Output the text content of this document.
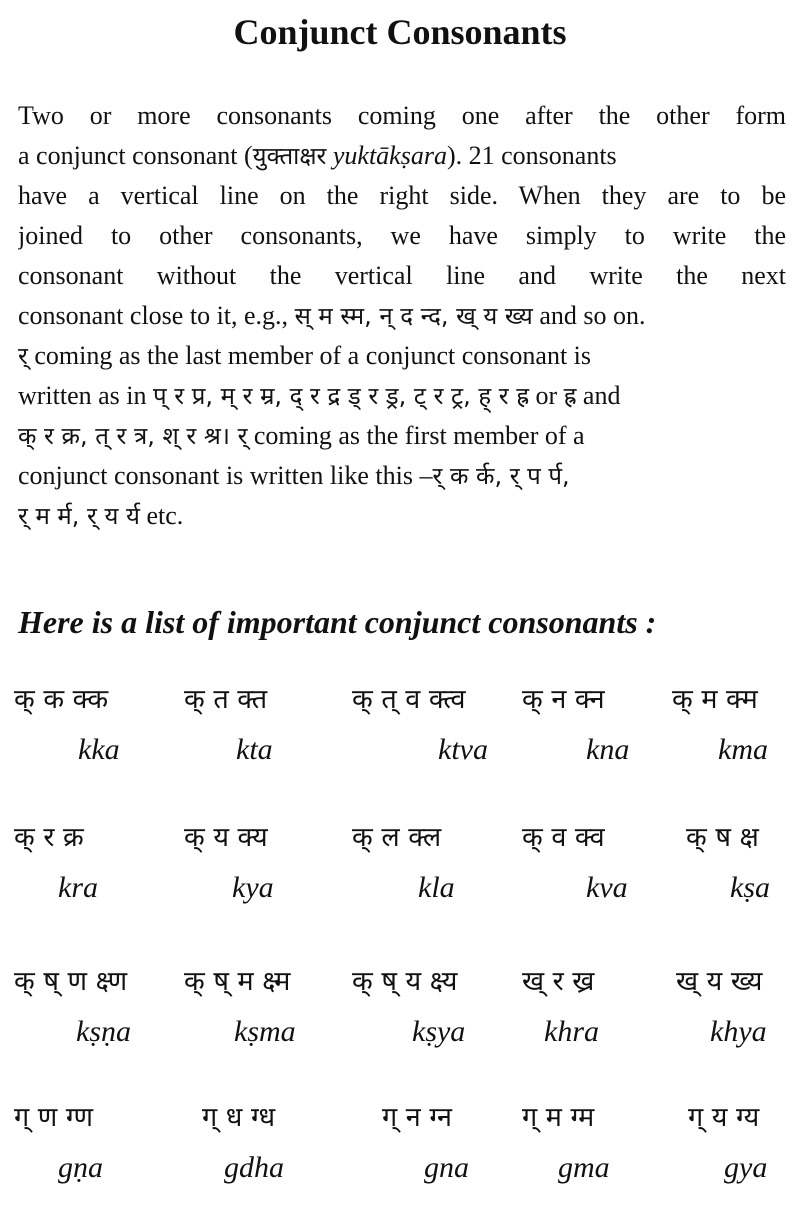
Conjunct Consonants
Two or more consonants coming one after the other form
a conjunct consonant (युक्ताक्षर yuktākṣara). 21 consonants
have a vertical line on the right side. When they are to be
joined to other consonants, we have simply to write the
consonant without the vertical line and write the next
consonant close to it, e.g., स् म स्म, न् द न्द, ख् य ख्य and so on.
र् coming as the last member of a conjunct consonant is
written as in प् र प्र, म् र म्र, द् र द्र ड् र ड्र, ट् र ट्र, ह् र ह्र or ह्र and
क् र क्र, त् र त्र, श् र श्र। र् coming as the first member of a
conjunct consonant is written like this –र् क र्क, र् प र्प,
र् म र्म, र् य र्य etc.
Here is a list of important conjunct consonants :
क् क क्क
kka
क् त क्त
kta
क् त् व क्त्व
ktva
क् न क्न
kna
क् म क्म
kma
क् र क्र
kra
क् य क्य
kya
क् ल क्ल
kla
क् व क्व
kva
क् ष क्ष
kṣa
क् ष् ण क्ष्ण
kṣṇa
क् ष् म क्ष्म
kṣma
क् ष् य क्ष्य
kṣya
ख् र ख्र
khra
ख् य ख्य
khya
ग् ण ग्ण
gṇa
ग् ध ग्ध
gdha
ग् न ग्न
gna
ग् म ग्म
gma
ग् य ग्य
gya
